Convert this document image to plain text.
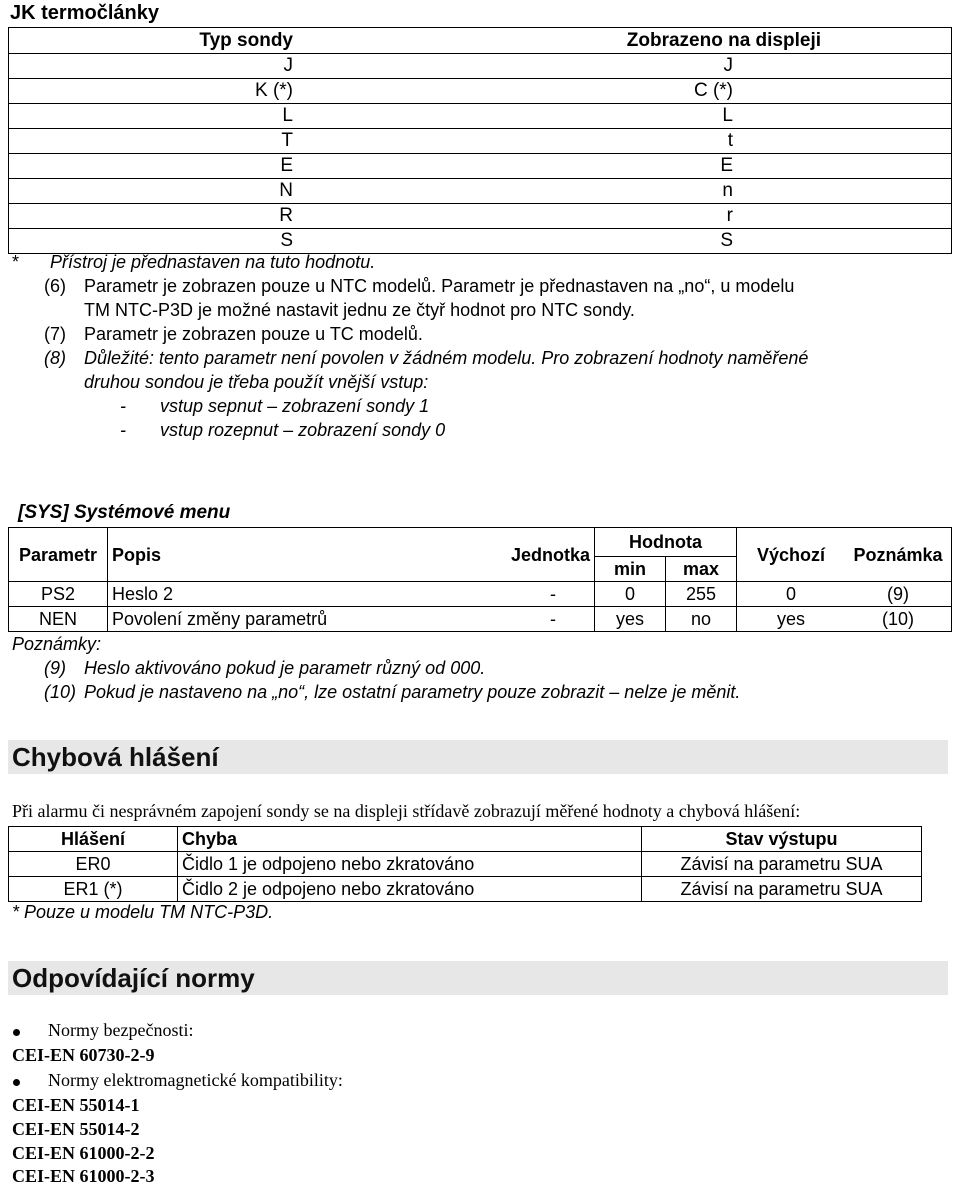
JK termočlánky
Typ sondy	Zobrazeno na displeji
J	J
K (*)	C (*)
L	L
T	t
E	E
N	n
R	r
S	S
* Přístroj je přednastaven na tuto hodnotu.
(6) Parametr je zobrazen pouze u NTC modelů. Parametr je přednastaven na „no“, u modelu
TM NTC-P3D je možné nastavit jednu ze čtyř hodnot pro NTC sondy.
(7) Parametr je zobrazen pouze u TC modelů.
(8) Důležité: tento parametr není povolen v žádném modelu. Pro zobrazení hodnoty naměřené
druhou sondou je třeba použít vnější vstup:
- vstup sepnut – zobrazení sondy 1
- vstup rozepnut – zobrazení sondy 0
[SYS] Systémové menu
Parametr	Popis	Jednotka	Hodnota		Výchozí	Poznámka
			min	max		
PS2	Heslo 2	-	0	255	0	(9)
NEN	Povolení změny parametrů	-	yes	no	yes	(10)
Poznámky:
(9) Heslo aktivováno pokud je parametr různý od 000.
(10) Pokud je nastaveno na „no“, lze ostatní parametry pouze zobrazit – nelze je měnit.
Chybová hlášení
Při alarmu či nesprávném zapojení sondy se na displeji střídavě zobrazují měřené hodnoty a chybová hlášení:
Hlášení	Chyba	Stav výstupu
ER0	Čidlo 1 je odpojeno nebo zkratováno	Závisí na parametru SUA
ER1 (*)	Čidlo 2 je odpojeno nebo zkratováno	Závisí na parametru SUA
* Pouze u modelu TM NTC-P3D.
Odpovídající normy
Normy bezpečnosti:
CEI-EN 60730-2-9
Normy elektromagnetické kompatibility:
CEI-EN 55014-1
CEI-EN 55014-2
CEI-EN 61000-2-2
CEI-EN 61000-2-3
